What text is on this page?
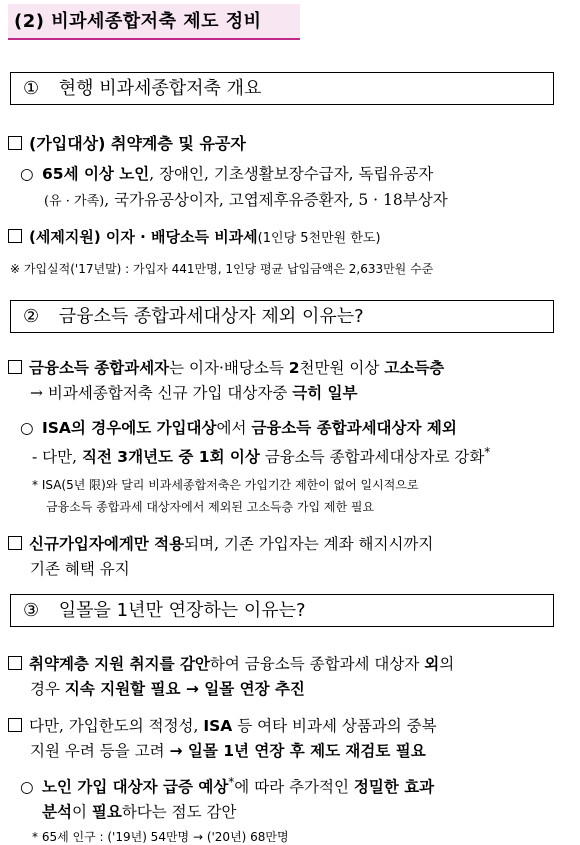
(2) 비과세종합저축 제도 정비
① 현행 비과세종합저축 개요
(가입대상) 취약계층 및 유공자
○ 65세 이상 노인, 장애인, 기초생활보장수급자, 독립유공자
(유 · 가족), 국가유공상이자, 고엽제후유증환자, 5 · 18부상자
(세제지원) 이자 · 배당소득 비과세(1인당 5천만원 한도)
※ 가입실적('17년말) : 가입자 441만명, 1인당 평균 납입금액은 2,633만원 수준
② 금융소득 종합과세대상자 제외 이유는?
금융소득 종합과세자는 이자·배당소득 2천만원 이상 고소득층
→ 비과세종합저축 신규 가입 대상자중 극히 일부
○ ISA의 경우에도 가입대상에서 금융소득 종합과세대상자 제외
- 다만, 직전 3개년도 중 1회 이상 금융소득 종합과세대상자로 강화*
* ISA(5년 限)와 달리 비과세종합저축은 가입기간 제한이 없어 일시적으로
금융소득 종합과세 대상자에서 제외된 고소득층 가입 제한 필요
신규가입자에게만 적용되며, 기존 가입자는 계좌 해지시까지
기존 혜택 유지
③ 일몰을 1년만 연장하는 이유는?
취약계층 지원 취지를 감안하여 금융소득 종합과세 대상자 외의
경우 지속 지원할 필요 → 일몰 연장 추진
다만, 가입한도의 적정성, ISA 등 여타 비과세 상품과의 중복
지원 우려 등을 고려 → 일몰 1년 연장 후 제도 재검토 필요
○ 노인 가입 대상자 급증 예상*에 따라 추가적인 정밀한 효과
분석이 필요하다는 점도 감안
* 65세 인구 : ('19년) 54만명 → ('20년) 68만명
